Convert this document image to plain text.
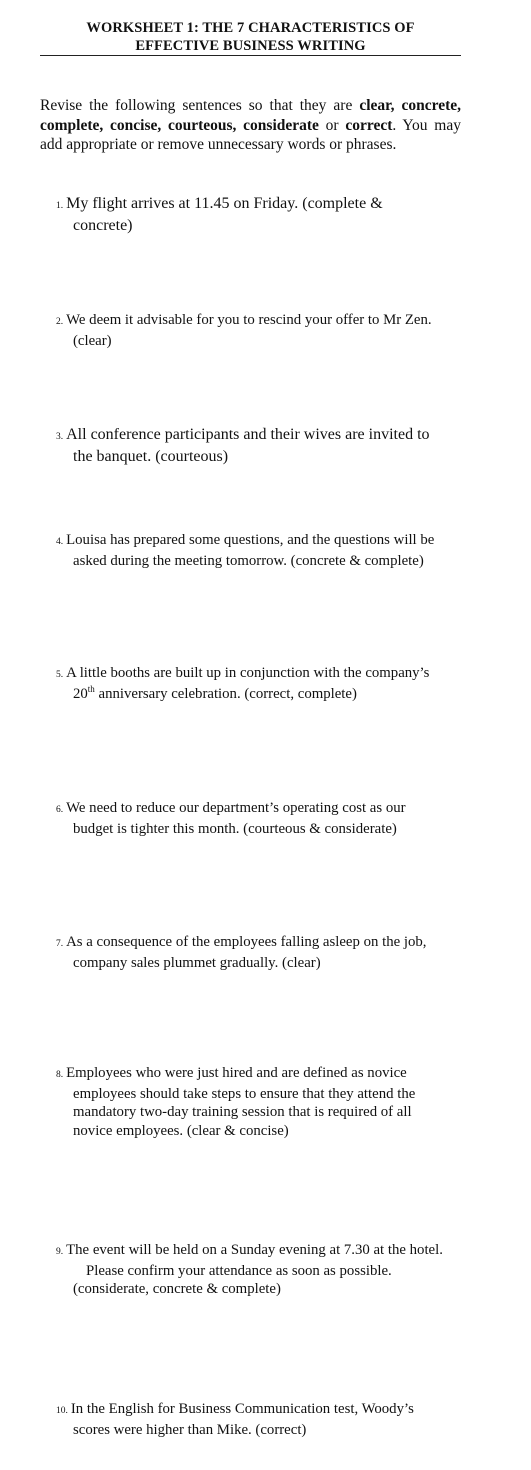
WORKSHEET 1: THE 7 CHARACTERISTICS OF
EFFECTIVE BUSINESS WRITING
Revise the following sentences so that they are clear, concrete, complete, concise, courteous, considerate or correct. You may add appropriate or remove unnecessary words or phrases.
1. My flight arrives at 11.45 on Friday. (complete &
concrete)
2. We deem it advisable for you to rescind your offer to Mr Zen.
(clear)
3. All conference participants and their wives are invited to
the banquet. (courteous)
4. Louisa has prepared some questions, and the questions will be
asked during the meeting tomorrow. (concrete & complete)
5. A little booths are built up in conjunction with the company’s
20th anniversary celebration. (correct, complete)
6. We need to reduce our department’s operating cost as our
budget is tighter this month. (courteous & considerate)
7. As a consequence of the employees falling asleep on the job,
company sales plummet gradually. (clear)
8. Employees who were just hired and are defined as novice
employees should take steps to ensure that they attend the
mandatory two-day training session that is required of all
novice employees. (clear & concise)
9. The event will be held on a Sunday evening at 7.30 at the hotel.
Please confirm your attendance as soon as possible.
(considerate, concrete & complete)
10. In the English for Business Communication test, Woody’s
scores were higher than Mike. (correct)
